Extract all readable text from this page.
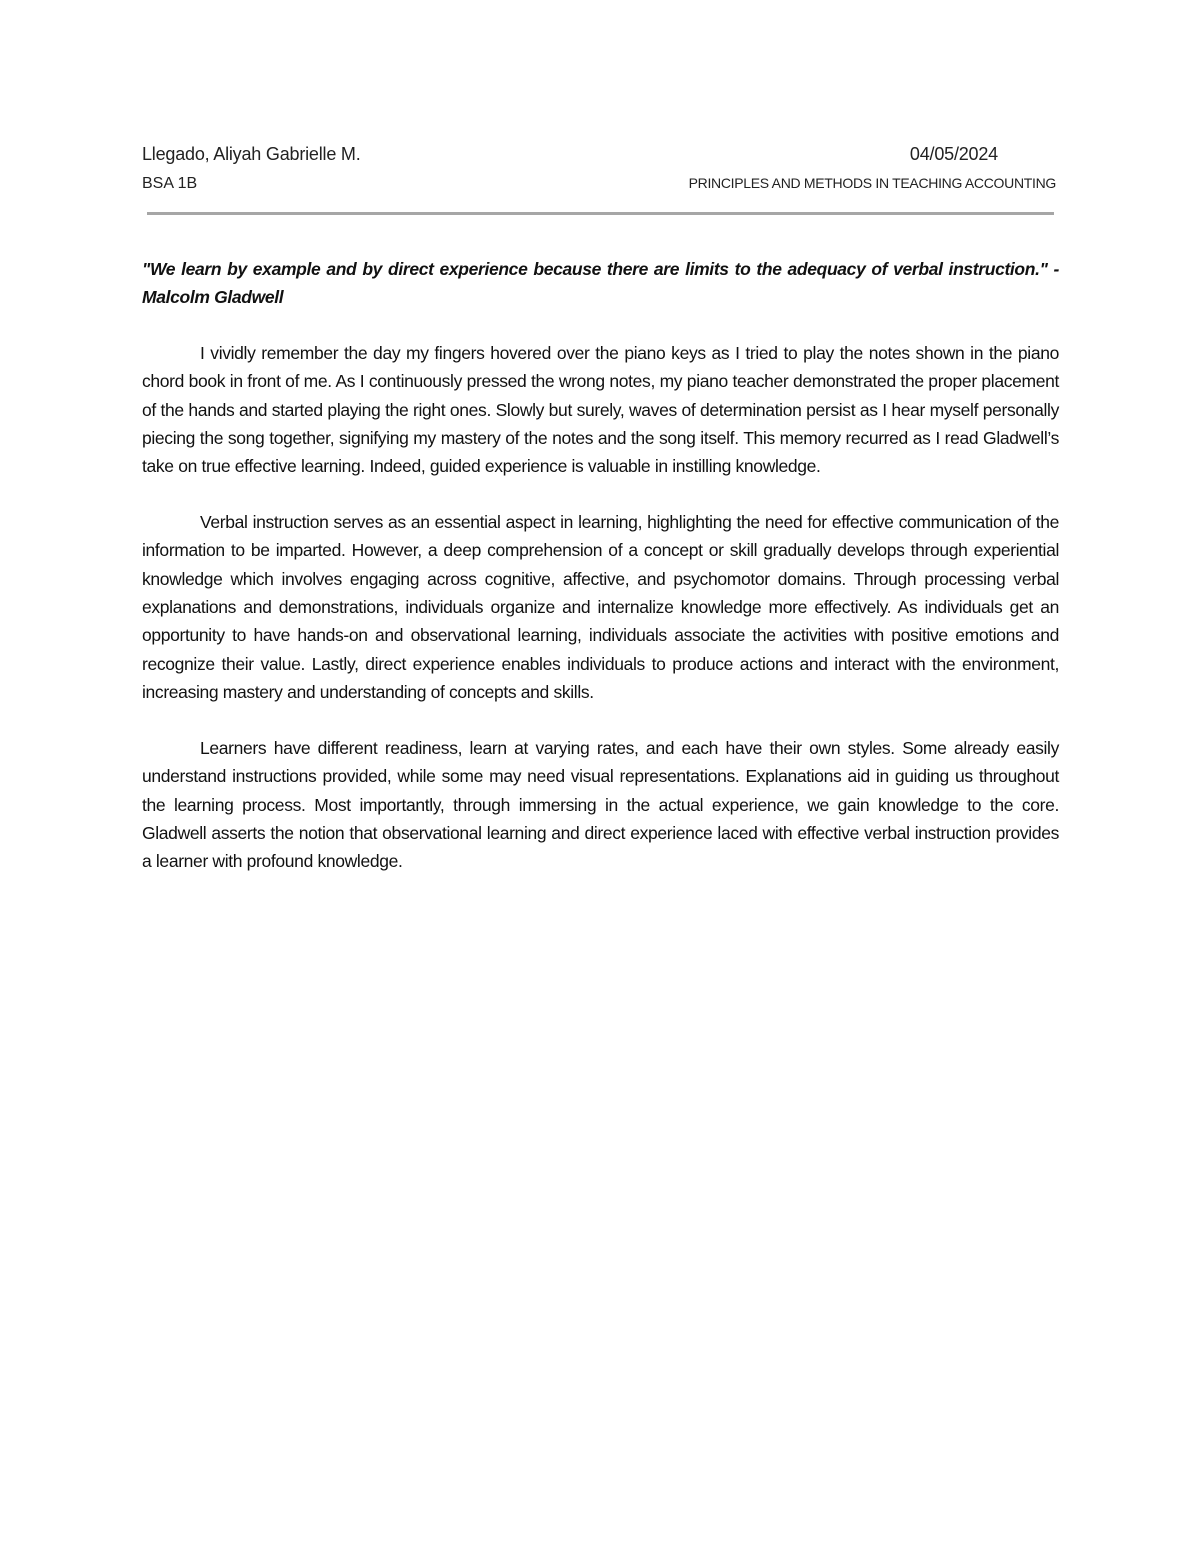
Llegado, Aliyah Gabrielle M.	04/05/2024
BSA 1B	PRINCIPLES AND METHODS IN TEACHING ACCOUNTING

"We learn by example and by direct experience because there are limits to the adequacy of verbal instruction." - Malcolm Gladwell

I vividly remember the day my fingers hovered over the piano keys as I tried to play the notes shown in the piano chord book in front of me. As I continuously pressed the wrong notes, my piano teacher demonstrated the proper placement of the hands and started playing the right ones. Slowly but surely, waves of determination persist as I hear myself personally piecing the song together, signifying my mastery of the notes and the song itself. This memory recurred as I read Gladwell’s take on true effective learning. Indeed, guided experience is valuable in instilling knowledge.

Verbal instruction serves as an essential aspect in learning, highlighting the need for effective communication of the information to be imparted. However, a deep comprehension of a concept or skill gradually develops through experiential knowledge which involves engaging across cognitive, affective, and psychomotor domains. Through processing verbal explanations and demonstrations, individuals organize and internalize knowledge more effectively. As individuals get an opportunity to have hands-on and observational learning, individuals associate the activities with positive emotions and recognize their value. Lastly, direct experience enables individuals to produce actions and interact with the environment, increasing mastery and understanding of concepts and skills.

Learners have different readiness, learn at varying rates, and each have their own styles. Some already easily understand instructions provided, while some may need visual representations. Explanations aid in guiding us throughout the learning process. Most importantly, through immersing in the actual experience, we gain knowledge to the core. Gladwell asserts the notion that observational learning and direct experience laced with effective verbal instruction provides a learner with profound knowledge.
